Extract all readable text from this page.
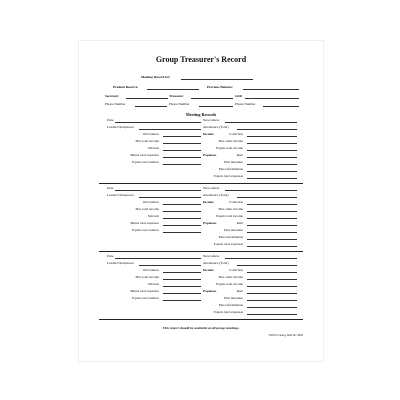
Group Treasurer's Record
Meeting Record for:
Prudent Reserve:	Previous Balance:
Secretary	Treasurer	GSR
Phone Number	Phone Number	Phone Number
Meeting Records
Date	Newcomers
Leader/Chairperson	Attendance (Total)
Old balance	Income	Collection
Plus total income	Plus other income
Subtotal	Equals total income
Minus total expenses	Expenses	Rent
Equals new balance	Plus literature
Plus refreshments
Equals total expenses
Date	Newcomers
Leader/Chairperson	Attendance (Total)
Old balance	Income	Collection
Plus total income	Plus other income
Subtotal	Equals total income
Minus total expenses	Expenses	Rent
Equals new balance	Plus literature
Plus refreshments
Equals total expenses
Date	Newcomers
Leader/Chairperson	Attendance (Total)
Old balance	Income	Collection
Plus total income	Plus other income
Subtotal	Equals total income
Minus total expenses	Expenses	Rent
Equals new balance	Plus literature
Plus refreshments
Equals total expenses
This report should be available at all group meetings.
NAWS Catalog Item No. 9003
